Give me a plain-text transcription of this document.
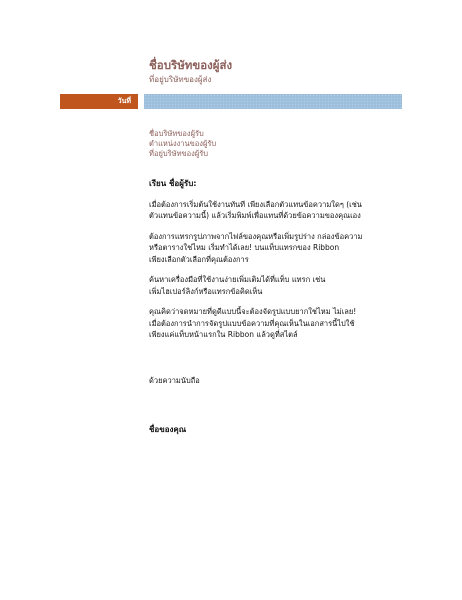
ชื่อบริษัทของผู้ส่ง
ที่อยู่บริษัทของผู้ส่ง
วันที่
ชื่อบริษัทของผู้รับ
ตำแหน่งงานของผู้รับ
ที่อยู่บริษัทของผู้รับ
เรียน ชื่อผู้รับ:
เมื่อต้องการเริ่มต้นใช้งานทันที เพียงเลือกตัวแทนข้อความใดๆ (เช่น
ตัวแทนข้อความนี้) แล้วเริ่มพิมพ์เพื่อแทนที่ด้วยข้อความของคุณเอง
ต้องการแทรกรูปภาพจากไฟล์ของคุณหรือเพิ่มรูปร่าง กล่องข้อความ
หรือตารางใช่ไหม เริ่มทำได้เลย! บนแท็บแทรกของ Ribbon
เพียงเลือกตัวเลือกที่คุณต้องการ
ค้นหาเครื่องมือที่ใช้งานง่ายเพิ่มเติมได้ที่แท็บ แทรก เช่น
เพิ่มไฮเปอร์ลิงก์หรือแทรกข้อคิดเห็น
คุณคิดว่าจดหมายที่ดูดีแบบนี้จะต้องจัดรูปแบบยากใช่ไหม ไม่เลย!
เมื่อต้องการนำการจัดรูปแบบข้อความที่คุณเห็นในเอกสารนี้ไปใช้
เพียงแค่แท็บหน้าแรกใน Ribbon แล้วดูที่สไตล์
ด้วยความนับถือ
ชื่อของคุณ
